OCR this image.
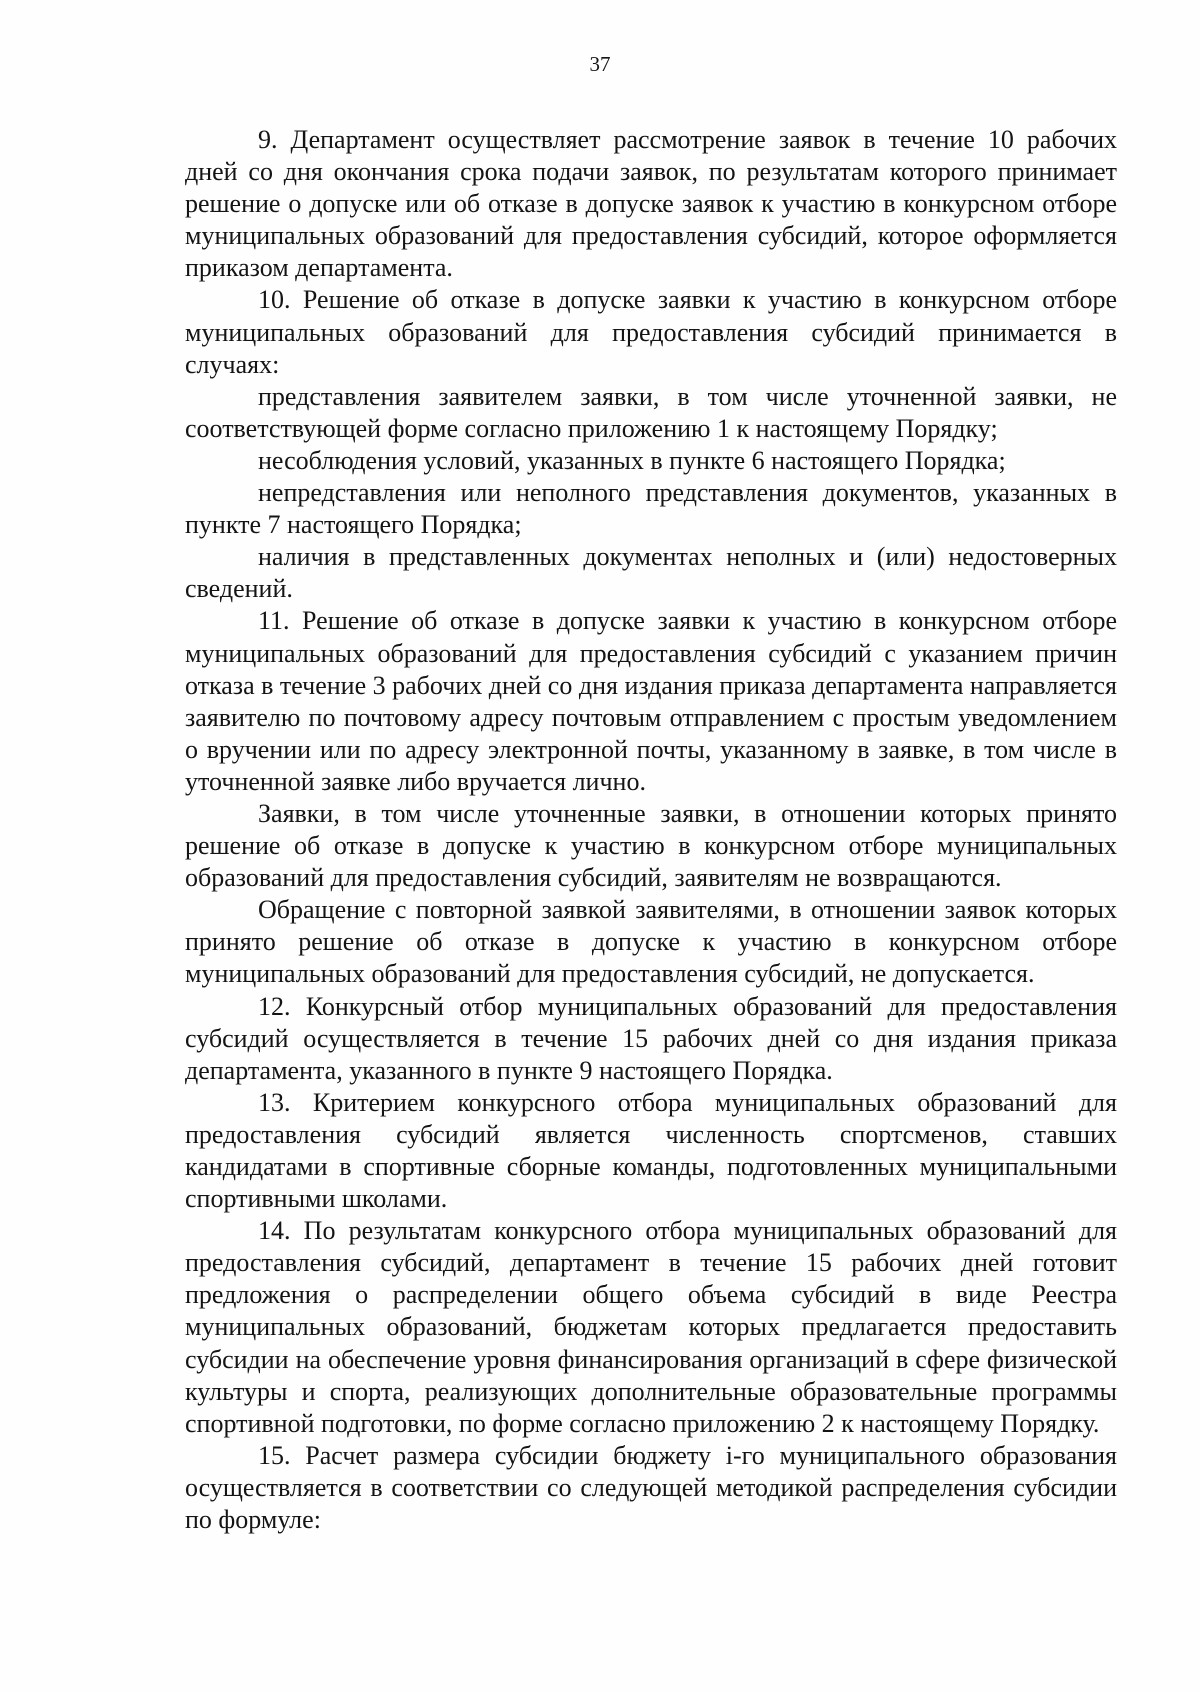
37

9. Департамент осуществляет рассмотрение заявок в течение 10 рабочих дней со дня окончания срока подачи заявок, по результатам которого принимает решение о допуске или об отказе в допуске заявок к участию в конкурсном отборе муниципальных образований для предоставления субсидий, которое оформляется приказом департамента.

10. Решение об отказе в допуске заявки к участию в конкурсном отборе муниципальных образований для предоставления субсидий принимается в случаях:

представления заявителем заявки, в том числе уточненной заявки, не соответствующей форме согласно приложению 1 к настоящему Порядку;

несоблюдения условий, указанных в пункте 6 настоящего Порядка;

непредставления или неполного представления документов, указанных в пункте 7 настоящего Порядка;

наличия в представленных документах неполных и (или) недостоверных сведений.

11. Решение об отказе в допуске заявки к участию в конкурсном отборе муниципальных образований для предоставления субсидий с указанием причин отказа в течение 3 рабочих дней со дня издания приказа департамента направляется заявителю по почтовому адресу почтовым отправлением с простым уведомлением о вручении или по адресу электронной почты, указанному в заявке, в том числе в уточненной заявке либо вручается лично.

Заявки, в том числе уточненные заявки, в отношении которых принято решение об отказе в допуске к участию в конкурсном отборе муниципальных образований для предоставления субсидий, заявителям не возвращаются.

Обращение с повторной заявкой заявителями, в отношении заявок которых принято решение об отказе в допуске к участию в конкурсном отборе муниципальных образований для предоставления субсидий, не допускается.

12. Конкурсный отбор муниципальных образований для предоставления субсидий осуществляется в течение 15 рабочих дней со дня издания приказа департамента, указанного в пункте 9 настоящего Порядка.

13. Критерием конкурсного отбора муниципальных образований для предоставления субсидий является численность спортсменов, ставших кандидатами в спортивные сборные команды, подготовленных муниципальными спортивными школами.

14. По результатам конкурсного отбора муниципальных образований для предоставления субсидий, департамент в течение 15 рабочих дней готовит предложения о распределении общего объема субсидий в виде Реестра муниципальных образований, бюджетам которых предлагается предоставить субсидии на обеспечение уровня финансирования организаций в сфере физической культуры и спорта, реализующих дополнительные образовательные программы спортивной подготовки, по форме согласно приложению 2 к настоящему Порядку.

15. Расчет размера субсидии бюджету i-го муниципального образования осуществляется в соответствии со следующей методикой распределения субсидии по формуле:
